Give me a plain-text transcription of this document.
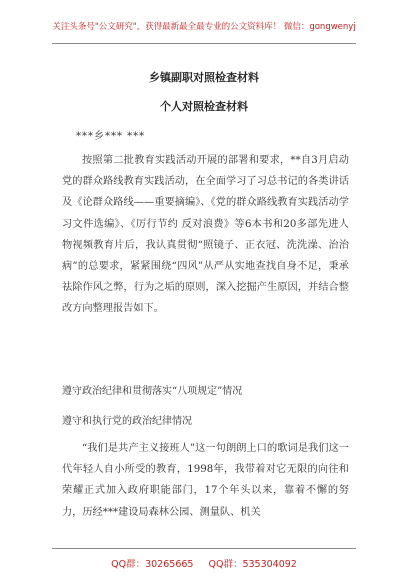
关注头条号"公文研究"，获得最新最全最专业的公文资料库！ 微信：gongwenyj
乡镇副职对照检查材料
个人对照检查材料
***乡*** ***
按照第二批教育实践活动开展的部署和要求，**自3月启动党的群众路线教育实践活动，在全面学习了习总书记的各类讲话及《论群众路线——重要摘编》、《党的群众路线教育实践活动学习文件选编》、《厉行节约 反对浪费》等6本书和20多部先进人物视频教育片后，我认真贯彻“照镜子、正衣冠、洗洗澡、治治病”的总要求，紧紧围绕“四风”从严从实地查找自身不足，秉承祛除作风之弊，行为之垢的原则，深入挖掘产生原因，并结合整改方向整理报告如下。
遵守政治纪律和贯彻落实“八项规定”情况
遵守和执行党的政治纪律情况
“我们是共产主义接班人”这一句朗朗上口的歌词是我们这一代年轻人自小所受的教育，1998年，我带着对它无限的向往和荣耀正式加入政府职能部门，17个年头以来，靠着不懈的努力，历经***建设局森林公园、测量队、机关
QQ群：30265665 QQ群：535304092
